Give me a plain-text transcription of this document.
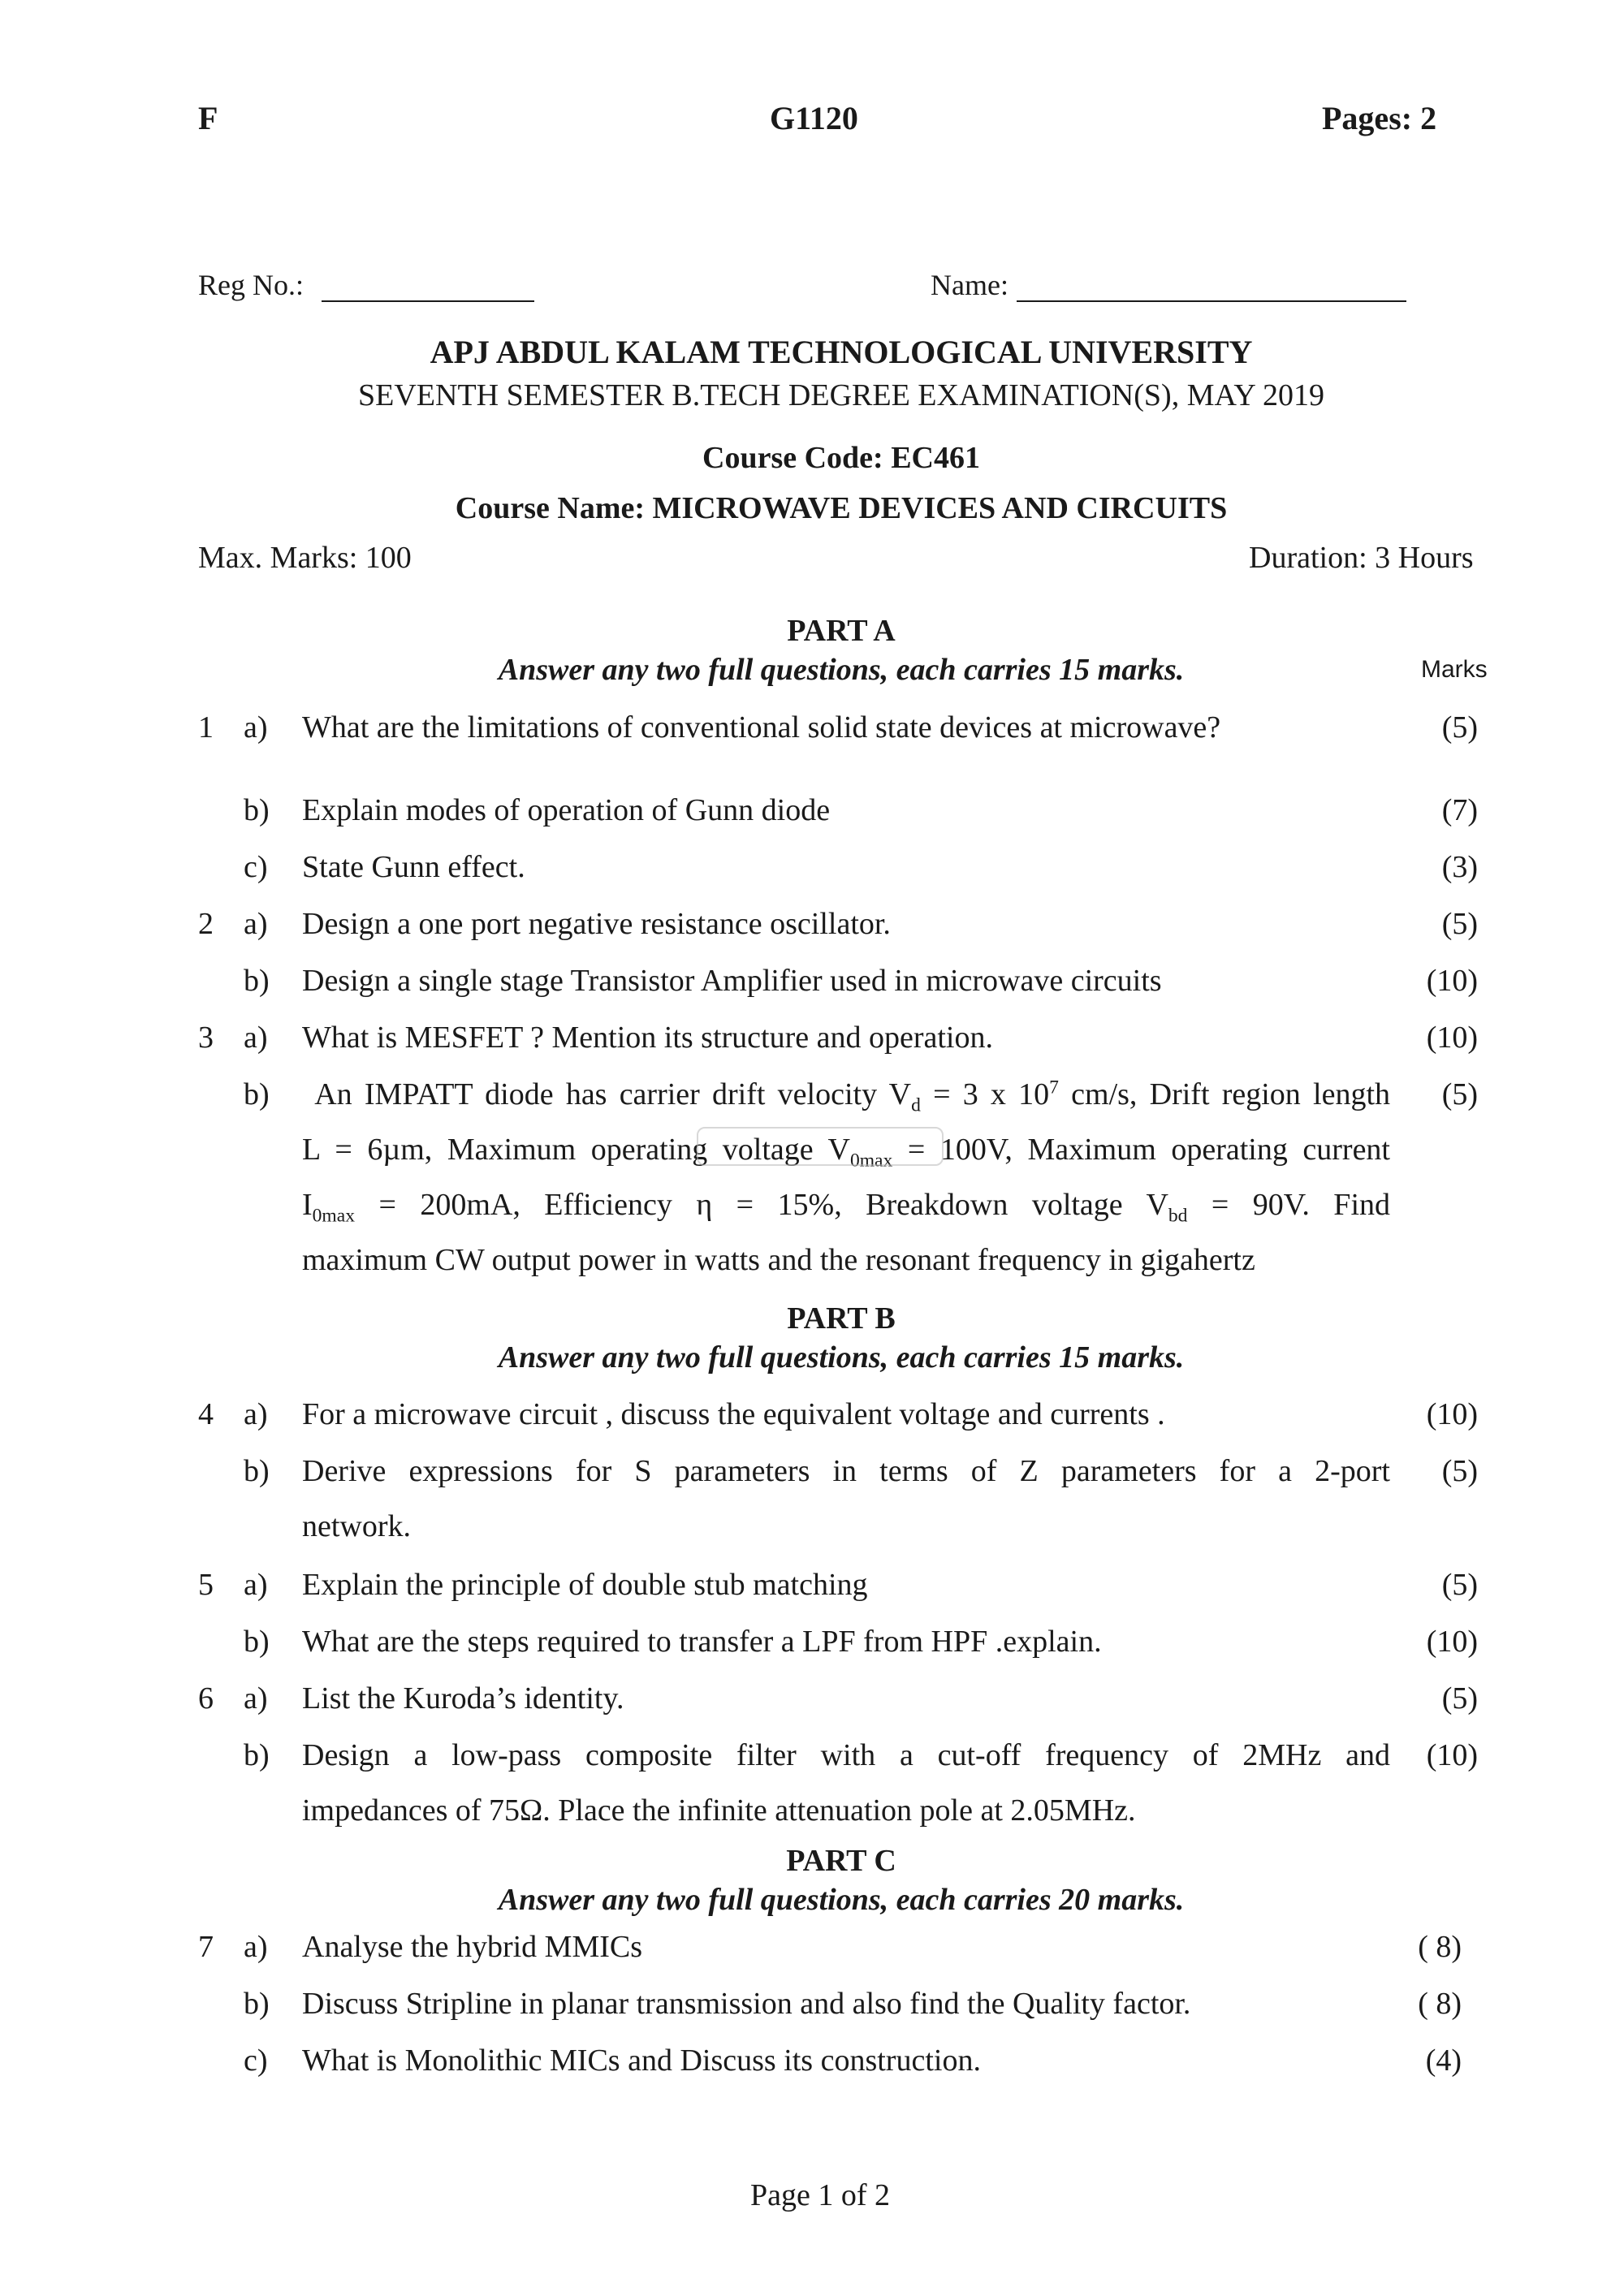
F	G1120	Pages: 2
Reg No.:	Name:
APJ ABDUL KALAM TECHNOLOGICAL UNIVERSITY
SEVENTH SEMESTER B.TECH DEGREE EXAMINATION(S), MAY 2019
Course Code: EC461
Course Name: MICROWAVE DEVICES AND CIRCUITS
Max. Marks: 100	Duration: 3 Hours
PART A
Answer any two full questions, each carries 15 marks.	Marks
1 a) What are the limitations of conventional solid state devices at microwave?	(5)
b) Explain modes of operation of Gunn diode	(7)
c) State Gunn effect.	(3)
2 a) Design a one port negative resistance oscillator.	(5)
b) Design a single stage Transistor Amplifier used in microwave circuits	(10)
3 a) What is MESFET ? Mention its structure and operation.	(10)
b)	An IMPATT diode has carrier drift velocity $V_d = 3$ x $10^7$ cm/s, Drift region length
L = 6µm, Maximum operating voltage $V_{0max} = 100V$, Maximum operating current
$I_{0max} = 200mA$, Efficiency η = 15%, Breakdown voltage $V_{bd} = 90V$. Find
maximum CW output power in watts and the resonant frequency in gigahertz
(5)
PART B
Answer any two full questions, each carries 15 marks.
4 a) For a microwave circuit , discuss the equivalent voltage and currents .	(10)
b) Derive expressions for S parameters in terms of Z parameters for a 2-port
network.
(5)
5 a) Explain the principle of double stub matching	(5)
b) What are the steps required to transfer a LPF from HPF .explain.	(10)
6 a) List the Kuroda’s identity.	(5)
b) Design a low-pass composite filter with a cut-off frequency of 2MHz and
impedances of 75Ω. Place the infinite attenuation pole at 2.05MHz.
(10)
PART C
Answer any two full questions, each carries 20 marks.
7 a) Analyse the hybrid MMICs	( 8)
b) Discuss Stripline in planar transmission and also find the Quality factor.	( 8)
c) What is Monolithic MICs and Discuss its construction.	(4)
Page 1 of 2
